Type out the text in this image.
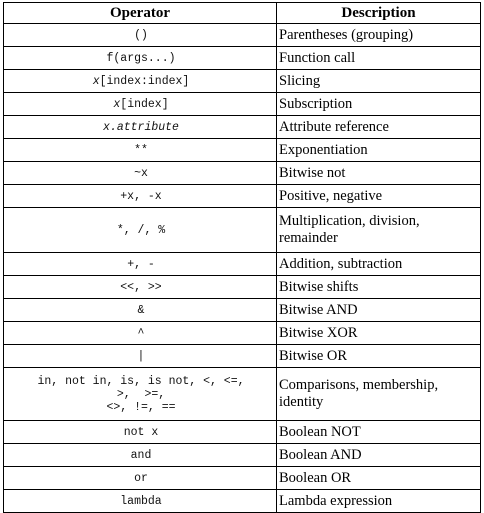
Operator	Description
()	Parentheses (grouping)
f(args...)	Function call
x[index:index]	Slicing
x[index]	Subscription
x.attribute	Attribute reference
**	Exponentiation
~x	Bitwise not
+x, -x	Positive, negative
*, /, %	Multiplication, division, remainder
+, -	Addition, subtraction
<<, >>	Bitwise shifts
&	Bitwise AND
^	Bitwise XOR
|	Bitwise OR

in, not in, is, is not, <, <=,
>,  >=,
<>, !=, ==	Comparisons, membership, identity
not x	Boolean NOT
and	Boolean AND
or	Boolean OR
lambda	Lambda expression
